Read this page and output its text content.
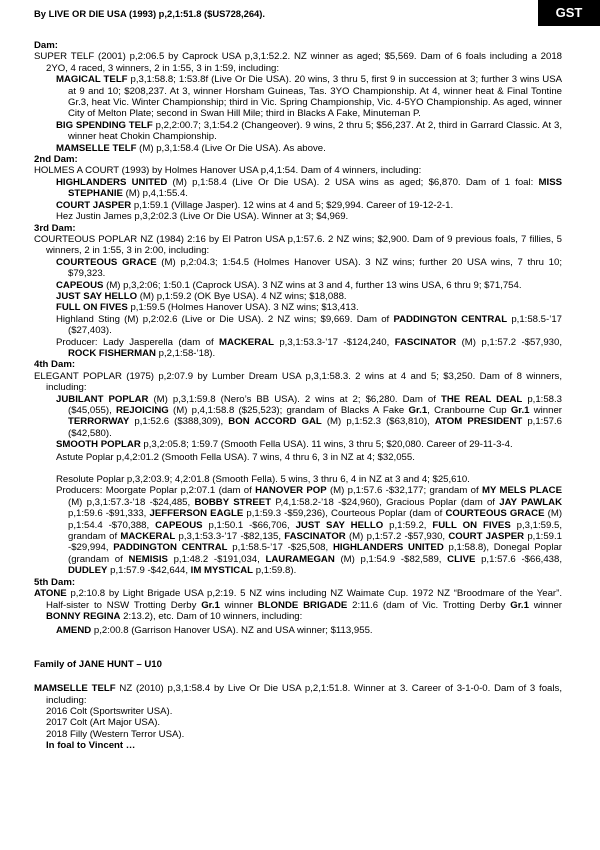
By LIVE OR DIE USA (1993) p,2,1:51.8 ($US728,264).	GST
Dam:

SUPER TELF (2001) p,2:06.5 by Caprock USA p,3,1:52.2. NZ winner as aged; $5,569. Dam of 6 foals including a 2018 2YO, 4 raced, 3 winners, 2 in 1:55, 3 in 1:59, including:

MAGICAL TELF p,3,1:58.8; 1:53.8f (Live Or Die USA). 20 wins, 3 thru 5, first 9 in succession at 3; further 3 wins USA at 9 and 10; $208,237. At 3, winner Horsham Guineas, Tas. 3YO Championship. At 4, winner heat & Final Tontine Gr.3, heat Vic. Winter Championship; third in Vic. Spring Championship, Vic. 4-5YO Championship. As aged, winner City of Melton Plate; second in Swan Hill Mile; third in Blacks A Fake, Minuteman P.

BIG SPENDING TELF p,2,2:00.7; 3,1:54.2 (Changeover). 9 wins, 2 thru 5; $56,237. At 2, third in Garrard Classic. At 3, winner heat Chokin Championship.

MAMSELLE TELF (M) p,3,1:58.4 (Live Or Die USA). As above.

2nd Dam:

HOLMES A COURT (1993) by Holmes Hanover USA p,4,1:54. Dam of 4 winners, including:

HIGHLANDERS UNITED (M) p,1:58.4 (Live Or Die USA). 2 USA wins as aged; $6,870. Dam of 1 foal: MISS STEPHANIE (M) p,4,1:55.4.

COURT JASPER p,1:59.1 (Village Jasper). 12 wins at 4 and 5; $29,994. Career of 19-12-2-1.

Hez Justin James p,3,2:02.3 (Live Or Die USA). Winner at 3; $4,969.

3rd Dam:

COURTEOUS POPLAR NZ (1984) 2:16 by El Patron USA p,1:57.6. 2 NZ wins; $2,900. Dam of 9 previous foals, 7 fillies, 5 winners, 2 in 1:55, 3 in 2:00, including:

COURTEOUS GRACE (M) p,2:04.3; 1:54.5 (Holmes Hanover USA). 3 NZ wins; further 20 USA wins, 7 thru 10; $79,323.

CAPEOUS (M) p,3,2:06; 1:50.1 (Caprock USA). 3 NZ wins at 3 and 4, further 13 wins USA, 6 thru 9; $71,754.

JUST SAY HELLO (M) p,1:59.2 (OK Bye USA). 4 NZ wins; $18,088.

FULL ON FIVES p,1:59.5 (Holmes Hanover USA). 3 NZ wins; $13,413.

Highland Sting (M) p,2:02.6 (Live or Die USA). 2 NZ wins; $9,669. Dam of PADDINGTON CENTRAL p,1:58.5-’17 ($27,403).

Producer: Lady Jasperella (dam of MACKERAL p,3,1:53.3-’17 -$124,240, FASCINATOR (M) p,1:57.2 -$57,930, ROCK FISHERMAN p,2,1:58-’18).

4th Dam:

ELEGANT POPLAR (1975) p,2:07.9 by Lumber Dream USA p,3,1:58.3. 2 wins at 4 and 5; $3,250. Dam of 8 winners, including:

JUBILANT POPLAR (M) p,3,1:59.8 (Nero’s BB USA). 2 wins at 2; $6,280. Dam of THE REAL DEAL p,1:58.3 ($45,055), REJOICING (M) p,4,1:58.8 ($25,523); grandam of Blacks A Fake Gr.1, Cranbourne Cup Gr.1 winner TERRORWAY p,1:52.6 ($388,309), BON ACCORD GAL (M) p,1:52.3 ($63,810), ATOM PRESIDENT p,1:57.6 ($42,580).

SMOOTH POPLAR p,3,2:05.8; 1:59.7 (Smooth Fella USA). 11 wins, 3 thru 5; $20,080. Career of 29-11-3-4.

Astute Poplar p,4,2:01.2 (Smooth Fella USA). 7 wins, 4 thru 6, 3 in NZ at 4; $32,055.

Resolute Poplar p,3,2:03.9; 4,2:01.8 (Smooth Fella). 5 wins, 3 thru 6, 4 in NZ at 3 and 4; $25,610.

Producers: Moorgate Poplar p,2:07.1 (dam of HANOVER POP (M) p,1:57.6 -$32,177; grandam of MY MELS PLACE (M) p,3,1:57.3-’18 -$24,485, BOBBY STREET P,4,1:58.2-’18 -$24,960), Gracious Poplar (dam of JAY PAWLAK p,1:59.6 -$91,333, JEFFERSON EAGLE p,1:59.3 -$59,236), Courteous Poplar (dam of COURTEOUS GRACE (M) p,1:54.4 -$70,388, CAPEOUS p,1:50.1 -$66,706, JUST SAY HELLO p,1:59.2, FULL ON FIVES p,3,1:59.5, grandam of MACKERAL p,3,1:53.3-’17 -$82,135, FASCINATOR (M) p,1:57.2 -$57,930, COURT JASPER p,1:59.1 -$29,994, PADDINGTON CENTRAL p,1:58.5-’17 -$25,508, HIGHLANDERS UNITED p,1:58.8), Donegal Poplar (grandam of NEMISIS p,1:48.2 -$191,034, LAURAMEGAN (M) p,1:54.9 -$82,589, CLIVE p,1:57.6 -$66,438, DUDLEY p,1:57.9 -$42,644, IM MYSTICAL p,1:59.8).

5th Dam:

ATONE p,2:10.8 by Light Brigade USA p,2:19. 5 NZ wins including NZ Waimate Cup. 1972 NZ “Broodmare of the Year”. Half-sister to NSW Trotting Derby Gr.1 winner BLONDE BRIGADE 2:11.6 (dam of Vic. Trotting Derby Gr.1 winner BONNY REGINA 2:13.2), etc. Dam of 10 winners, including:

AMEND p,2:00.8 (Garrison Hanover USA). NZ and USA winner; $113,955.

Family of JANE HUNT – U10

MAMSELLE TELF NZ (2010) p,3,1:58.4 by Live Or Die USA p,2,1:51.8. Winner at 3. Career of 3-1-0-0. Dam of 3 foals, including:

2016 Colt (Sportswriter USA).

2017 Colt (Art Major USA).

2018 Filly (Western Terror USA).

In foal to Vincent …
